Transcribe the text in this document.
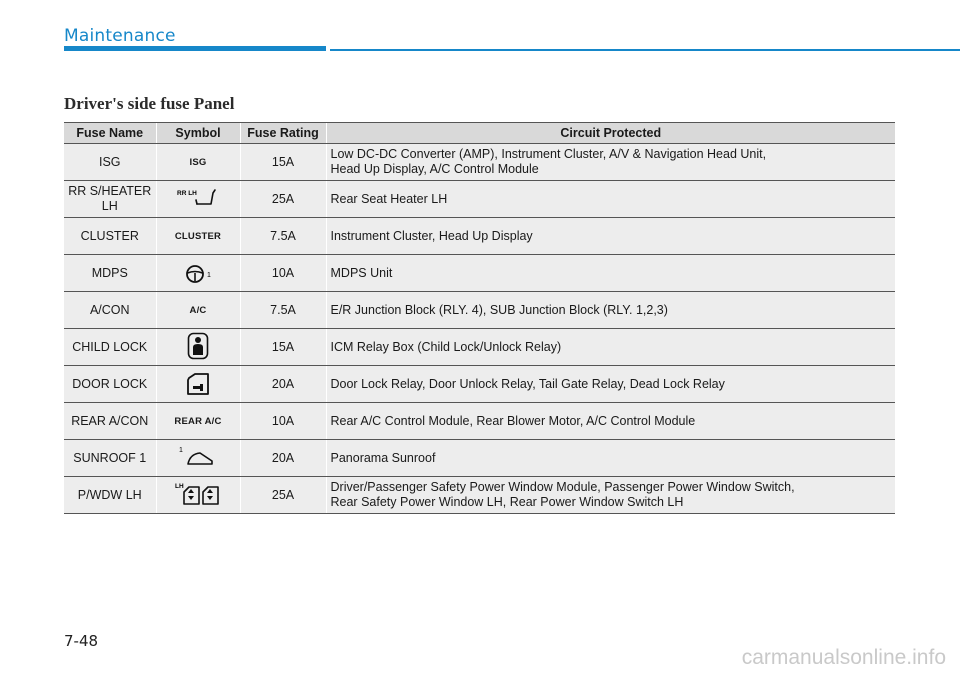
Maintenance
Driver's side fuse Panel
Fuse Name	Symbol	Fuse Rating	Circuit Protected
ISG	ISG	15A	Low DC-DC Converter (AMP), Instrument Cluster, A/V & Navigation Head Unit,
Head Up Display, A/C Control Module

RR S/HEATER LH	RR LH	25A	Rear Seat Heater LH

CLUSTER	CLUSTER	7.5A	Instrument Cluster, Head Up Display

MDPS	1	10A	MDPS Unit

A/CON	A/C	7.5A	E/R Junction Block (RLY. 4), SUB Junction Block (RLY. 1,2,3)

CHILD LOCK		15A	ICM Relay Box (Child Lock/Unlock Relay)

DOOR LOCK		20A	Door Lock Relay, Door Unlock Relay, Tail Gate Relay, Dead Lock Relay

REAR A/CON	REAR A/C	10A	Rear A/C Control Module, Rear Blower Motor, A/C Control Module

SUNROOF 1	1	20A	Panorama Sunroof

P/WDW LH	LH	25A	Driver/Passenger Safety Power Window Module, Passenger Power Window Switch,
Rear Safety Power Window LH, Rear Power Window Switch LH
7-48
carmanualsonline.info
